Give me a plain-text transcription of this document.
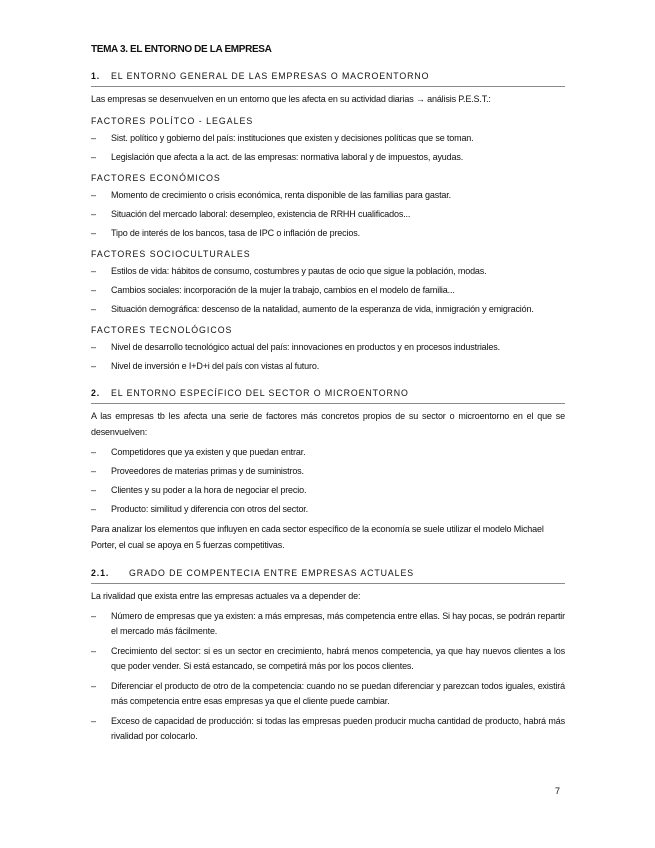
TEMA 3. EL ENTORNO DE LA EMPRESA
1.	EL ENTORNO GENERAL DE LAS EMPRESAS O MACROENTORNO
Las empresas se desenvuelven en un entorno que les afecta en su actividad diarias → análisis P.E.S.T.:
FACTORES POLÍTCO - LEGALES
–	Sist. político y gobierno del país: instituciones que existen y decisiones políticas que se toman.
–	Legislación que afecta a la act. de las empresas: normativa laboral y de impuestos, ayudas.
FACTORES ECONÓMICOS
–	Momento de crecimiento o crisis económica, renta disponible de las familias para gastar.
–	Situación del mercado laboral: desempleo, existencia de RRHH cualificados...
–	Tipo de interés de los bancos, tasa de IPC o inflación de precios.
FACTORES SOCIOCULTURALES
–	Estilos de vida: hábitos de consumo, costumbres y pautas de ocio que sigue la población, modas.
–	Cambios sociales: incorporación de la mujer la trabajo, cambios en el modelo de familia...
–	Situación demográfica: descenso de la natalidad, aumento de la esperanza de vida, inmigración y emigración.
FACTORES TECNOLÓGICOS
–	Nivel de desarrollo tecnológico actual del país: innovaciones en productos y en procesos industriales.
–	Nivel de inversión e I+D+i del país con vistas al futuro.
2.	EL ENTORNO ESPECÍFICO DEL SECTOR O MICROENTORNO
A las empresas tb les afecta una serie de factores más concretos propios de su sector o microentorno en el que se desenvuelven:
–	Competidores que ya existen y que puedan entrar.
–	Proveedores de materias primas y de suministros.
–	Clientes y su poder a la hora de negociar el precio.
–	Producto: similitud y diferencia con otros del sector.
Para analizar los elementos que influyen en cada sector específico de la economía se suele utilizar el modelo Michael Porter, el cual se apoya en 5 fuerzas competitivas.
2.1.	GRADO DE COMPENTECIA ENTRE EMPRESAS ACTUALES
La rivalidad que exista entre las empresas actuales va a depender de:
–	Número de empresas que ya existen: a más empresas, más competencia entre ellas. Si hay pocas, se podrán repartir el mercado más fácilmente.
–	Crecimiento del sector: si es un sector en crecimiento, habrá menos competencia, ya que hay nuevos clientes a los que poder vender. Si está estancado, se competirá más por los pocos clientes.
–	Diferenciar el producto de otro de la competencia: cuando no se puedan diferenciar y parezcan todos iguales, existirá más competencia entre esas empresas ya que el cliente puede cambiar.
–	Exceso de capacidad de producción: si todas las empresas pueden producir mucha cantidad de producto, habrá más rivalidad por colocarlo.
7
